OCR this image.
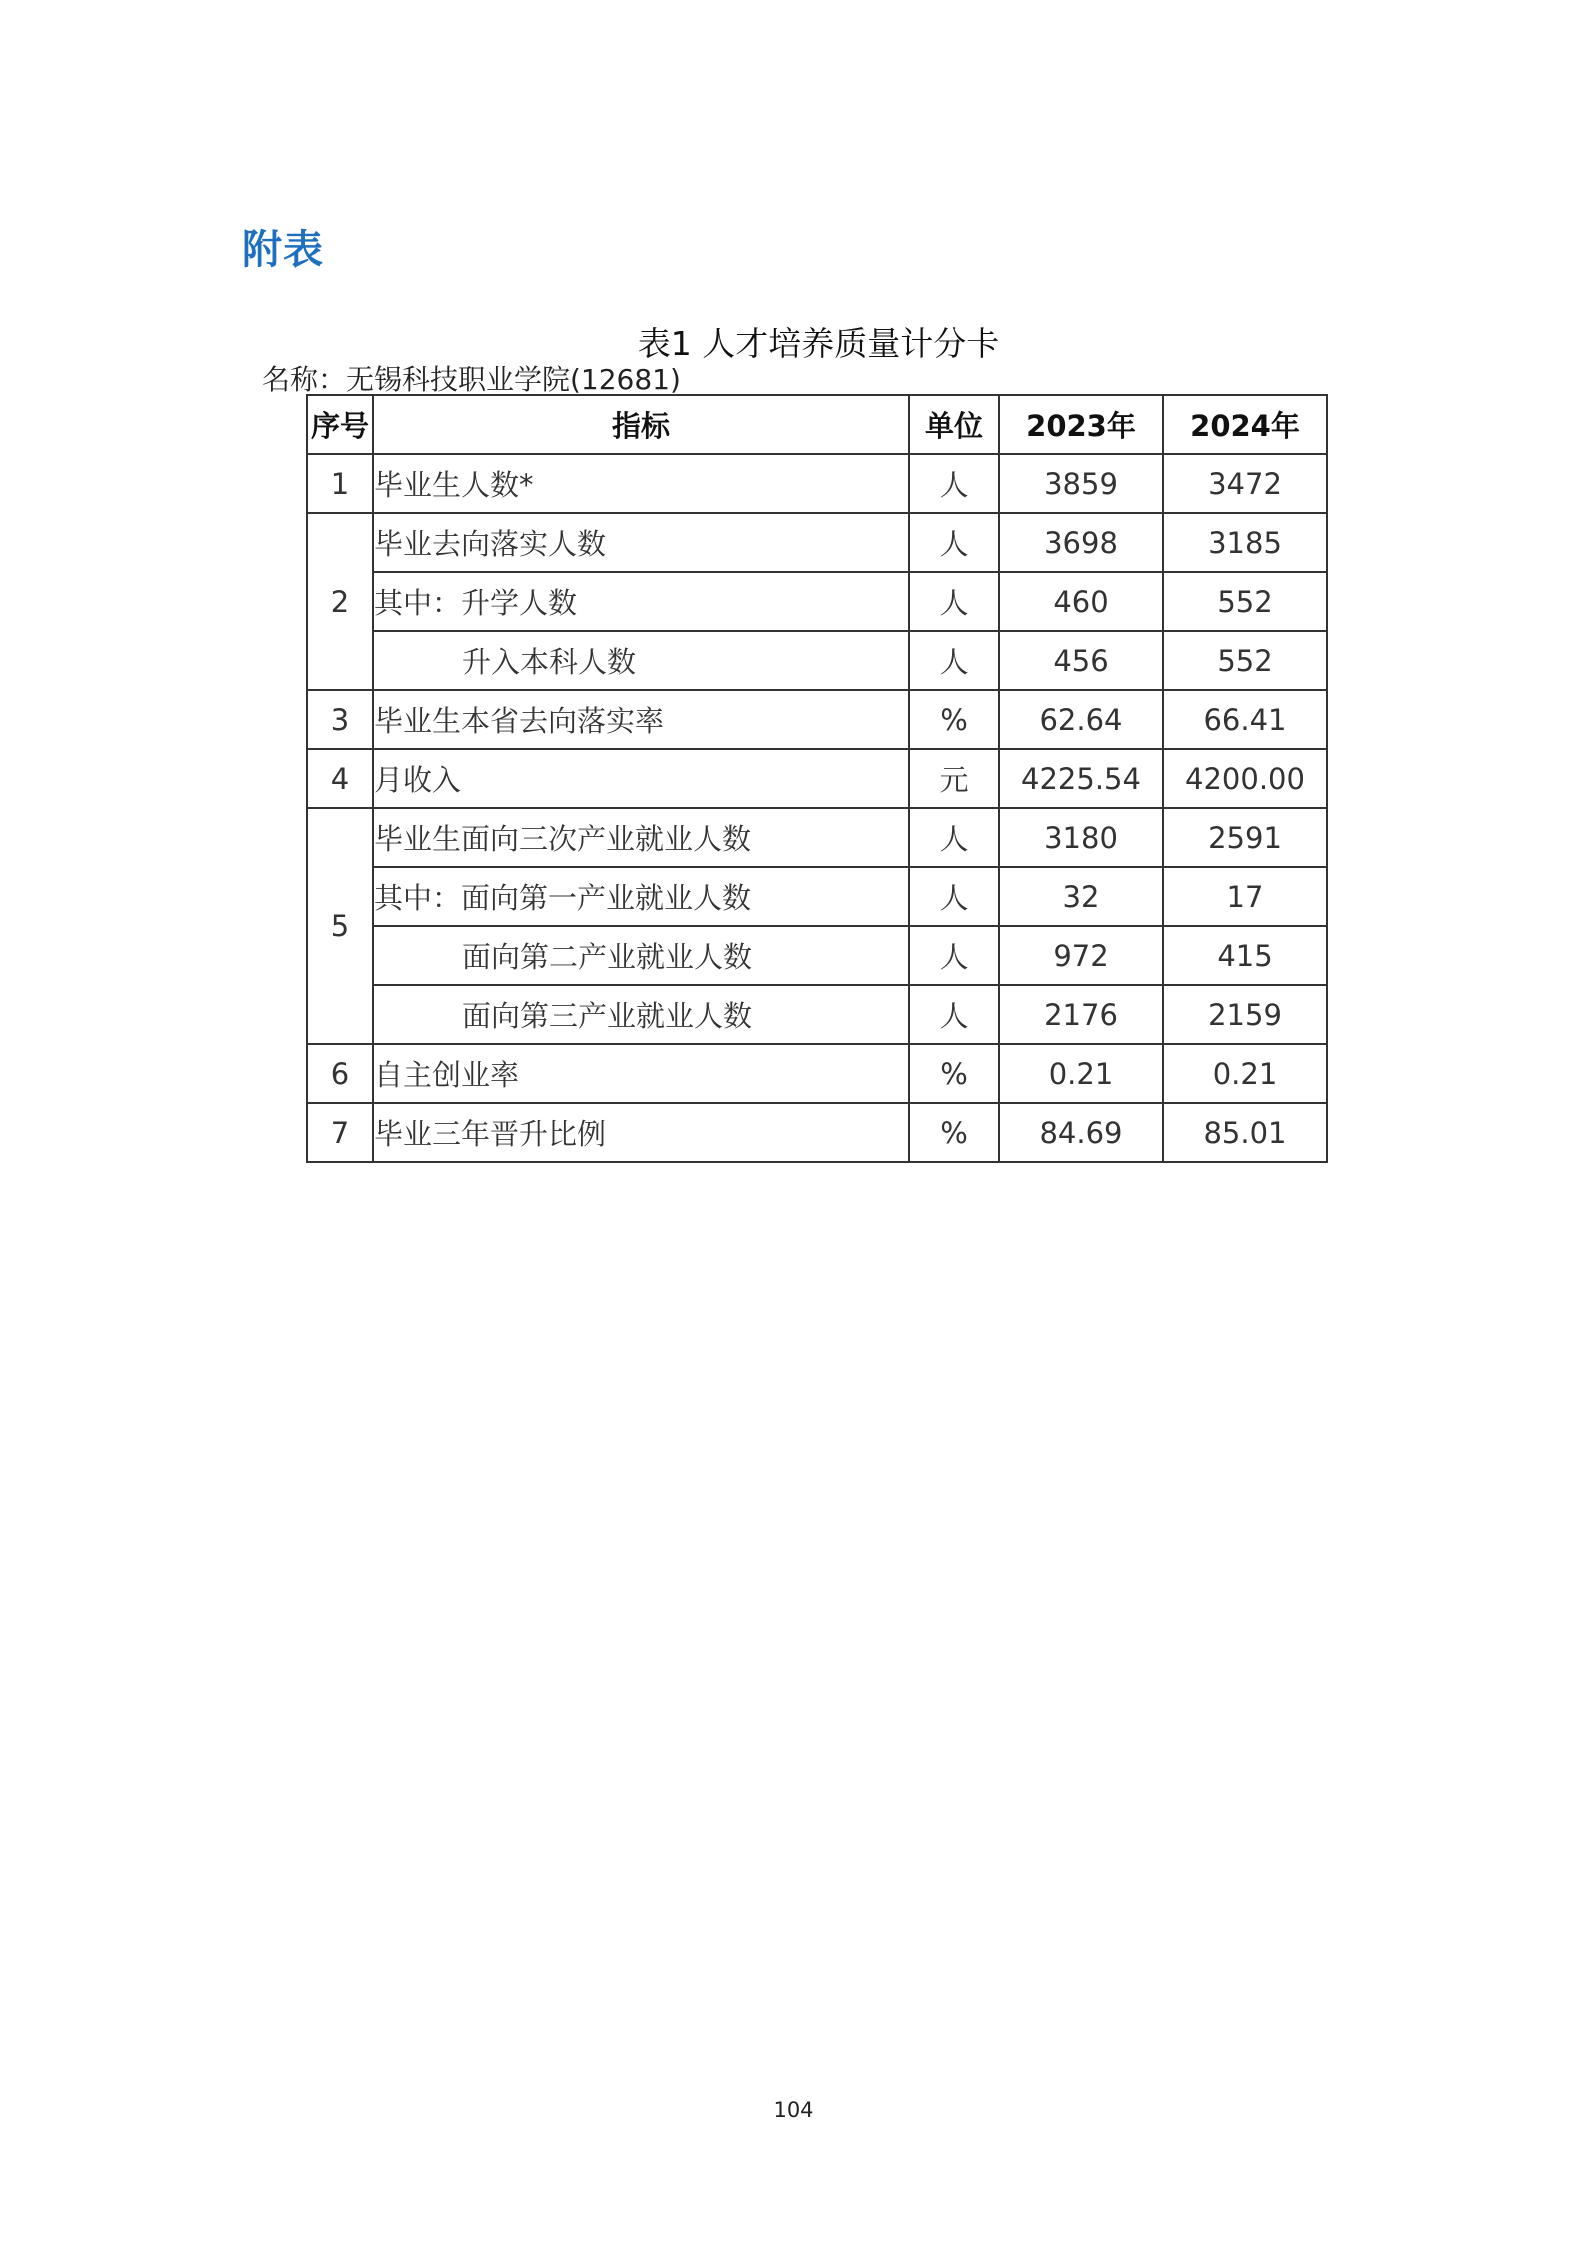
附表
表1 人才培养质量计分卡
名称：无锡科技职业学院(12681)
序号	指标	单位	2023年	2024年
1	毕业生人数*	人	3859	3472
2	毕业去向落实人数	人	3698	3185
	其中：升学人数	人	460	552
	升入本科人数	人	456	552
3	毕业生本省去向落实率	%	62.64	66.41
4	月收入	元	4225.54	4200.00
5	毕业生面向三次产业就业人数	人	3180	2591
	其中：面向第一产业就业人数	人	32	17
	面向第二产业就业人数	人	972	415
	面向第三产业就业人数	人	2176	2159
6	自主创业率	%	0.21	0.21
7	毕业三年晋升比例	%	84.69	85.01
104
